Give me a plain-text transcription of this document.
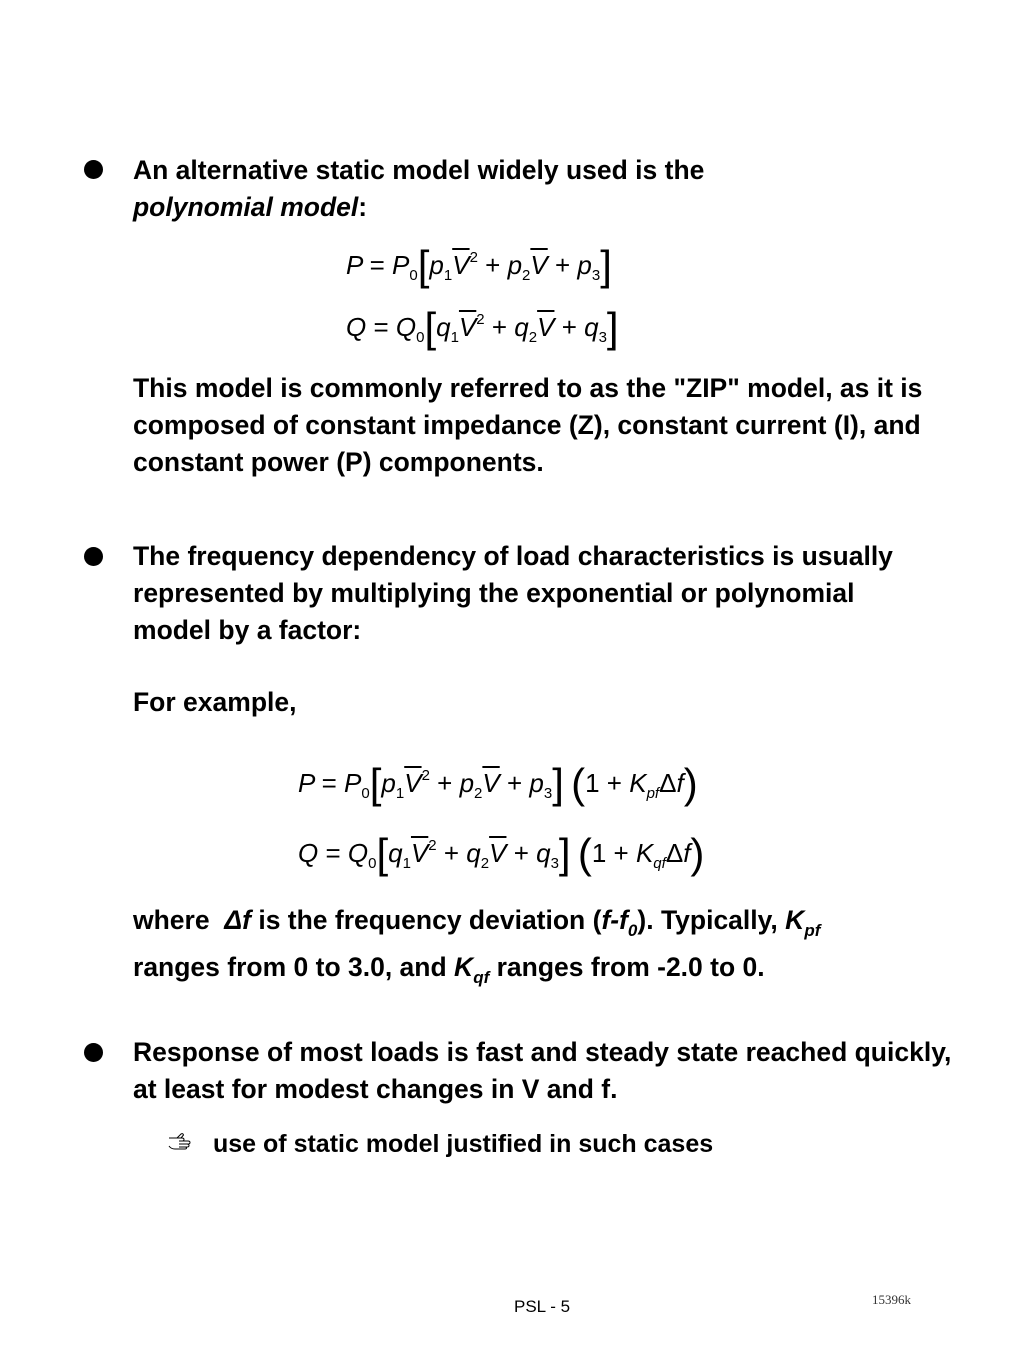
An alternative static model widely used is the
polynomial model:
$P = P_0[p_1\overline{V}^2 + p_2\overline{V} + p_3]$
$Q = Q_0[q_1\overline{V}^2 + q_2\overline{V} + q_3]$
This model is commonly referred to as the "ZIP" model, as it is composed of constant impedance (Z), constant current (I), and constant power (P) components.
The frequency dependency of load characteristics is usually represented by multiplying the exponential or polynomial model by a factor:
For example,
$P = P_0[p_1\overline{V}^2 + p_2\overline{V} + p_3] (1 + K_{pf}\Delta f)$
$Q = Q_0[q_1\overline{V}^2 + q_2\overline{V} + q_3] (1 + K_{qf}\Delta f)$
where Δf is the frequency deviation $(f-f_0)$. Typically, $K_{pf}$
ranges from 0 to 3.0, and $K_{qf}$ ranges from -2.0 to 0.
Response of most loads is fast and steady state reached quickly, at least for modest changes in V and f.
use of static model justified in such cases
PSL - 5	15396k
